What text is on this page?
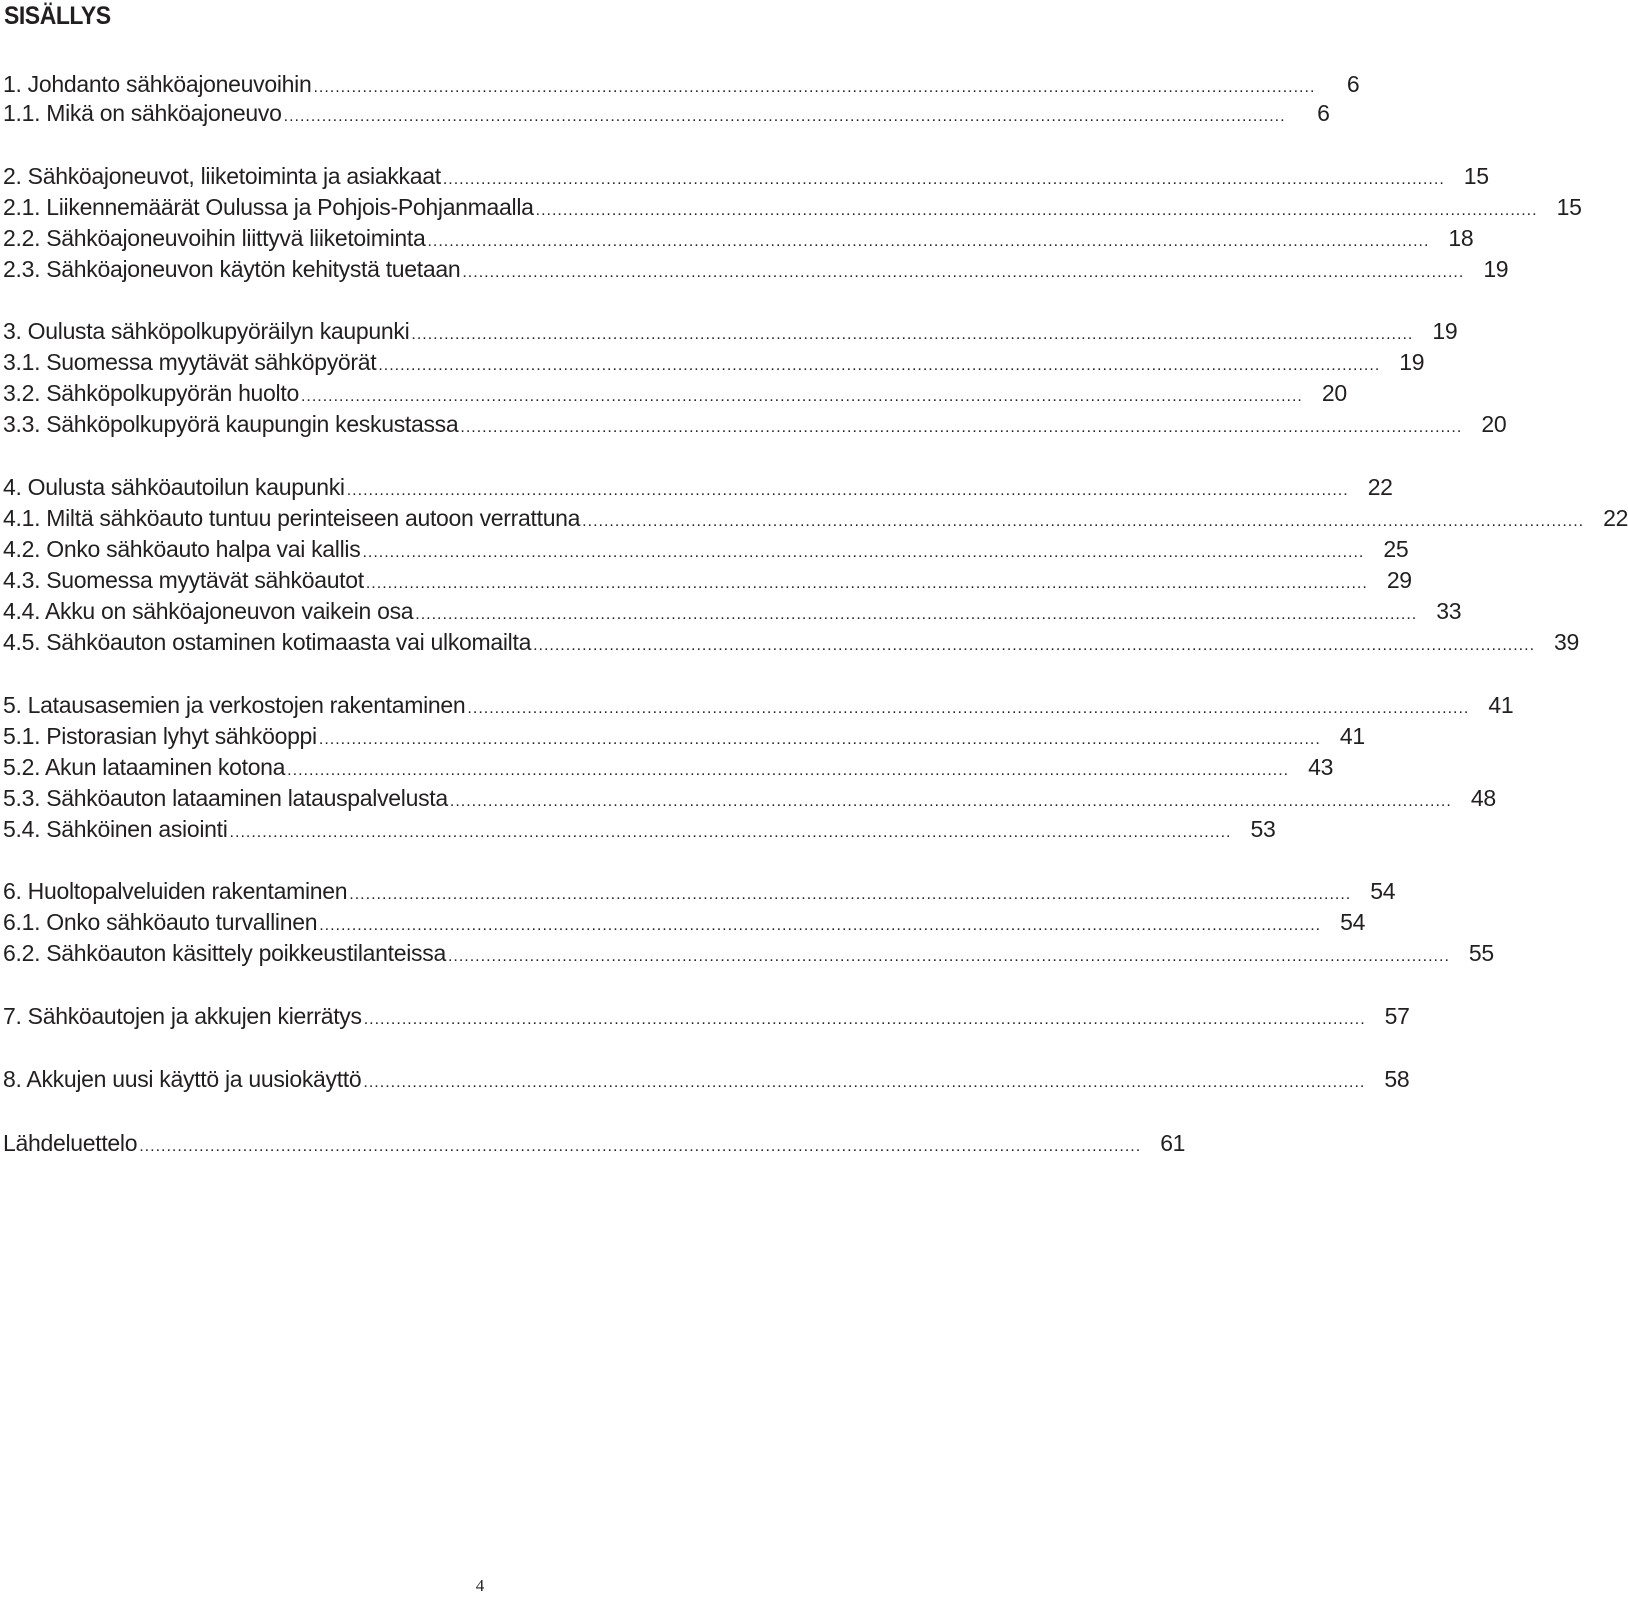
SISÄLLYS
1. Johdanto sähköajoneuvoihin ........................................................................................................................................................................................	6
1.1. Mikä on sähköajoneuvo ........................................................................................................................................................................................	6
2. Sähköajoneuvot, liiketoiminta ja asiakkaat ........................................................................................................................................................................................ 15
2.1. Liikennemäärät Oulussa ja Pohjois-Pohjanmaalla ........................................................................................................................................................................................ 15
2.2. Sähköajoneuvoihin liittyvä liiketoiminta ........................................................................................................................................................................................ 18
2.3. Sähköajoneuvon käytön kehitystä tuetaan ........................................................................................................................................................................................ 19
3. Oulusta sähköpolkupyöräilyn kaupunki ........................................................................................................................................................................................ 19
3.1. Suomessa myytävät sähköpyörät ........................................................................................................................................................................................ 19
3.2. Sähköpolkupyörän huolto ........................................................................................................................................................................................ 20
3.3. Sähköpolkupyörä kaupungin keskustassa ........................................................................................................................................................................................ 20
4. Oulusta sähköautoilun kaupunki ........................................................................................................................................................................................ 22
4.1. Miltä sähköauto tuntuu perinteiseen autoon verrattuna ........................................................................................................................................................................................ 22
4.2. Onko sähköauto halpa vai kallis ........................................................................................................................................................................................ 25
4.3. Suomessa myytävät sähköautot ........................................................................................................................................................................................ 29
4.4. Akku on sähköajoneuvon vaikein osa ........................................................................................................................................................................................ 33
4.5. Sähköauton ostaminen kotimaasta vai ulkomailta ........................................................................................................................................................................................ 39
5. Latausasemien ja verkostojen rakentaminen ........................................................................................................................................................................................ 41
5.1. Pistorasian lyhyt sähköoppi ........................................................................................................................................................................................ 41
5.2. Akun lataaminen kotona ........................................................................................................................................................................................ 43
5.3. Sähköauton lataaminen latauspalvelusta ........................................................................................................................................................................................ 48
5.4. Sähköinen asiointi ........................................................................................................................................................................................ 53
6. Huoltopalveluiden rakentaminen ........................................................................................................................................................................................ 54
6.1. Onko sähköauto turvallinen ........................................................................................................................................................................................ 54
6.2. Sähköauton käsittely poikkeustilanteissa ........................................................................................................................................................................................ 55
7. Sähköautojen ja akkujen kierrätys ........................................................................................................................................................................................ 57
8. Akkujen uusi käyttö ja uusiokäyttö ........................................................................................................................................................................................ 58
Lähdeluettelo ........................................................................................................................................................................................ 61
4
